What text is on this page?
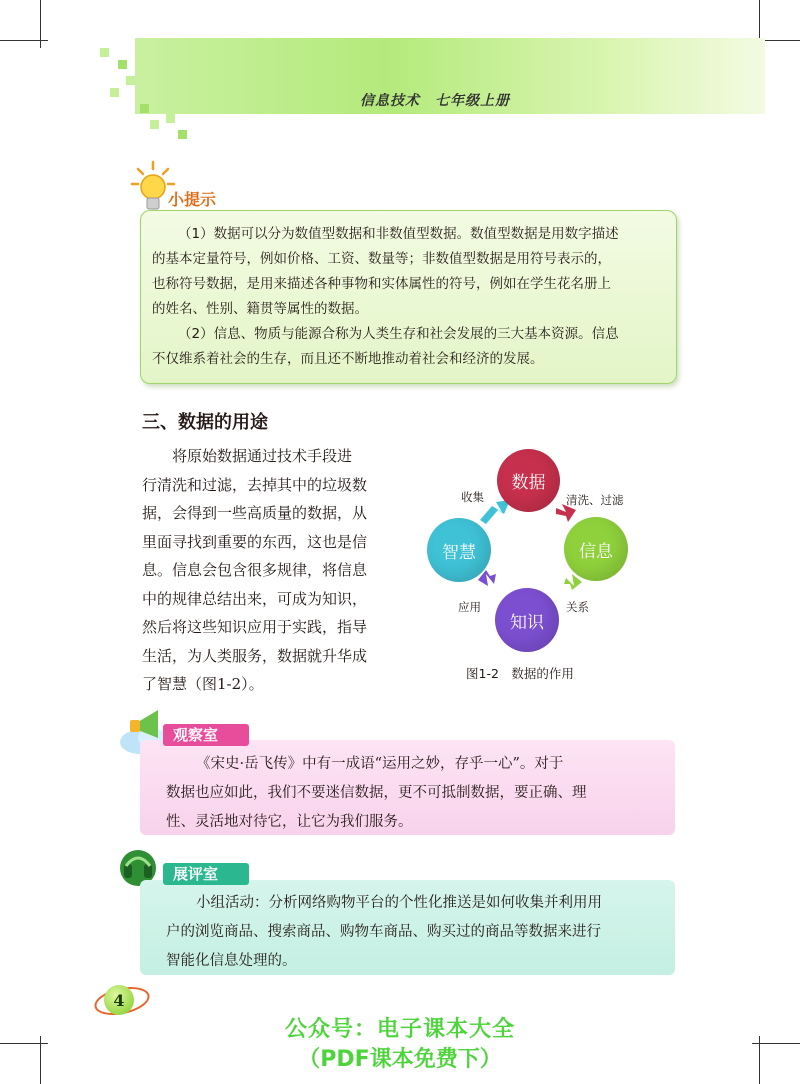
信息技术　七年级上册
小提示
（1）数据可以分为数值型数据和非数值型数据。数值型数据是用数字描述
的基本定量符号，例如价格、工资、数量等；非数值型数据是用符号表示的，
也称符号数据，是用来描述各种事物和实体属性的符号，例如在学生花名册上
的姓名、性别、籍贯等属性的数据。
（2）信息、物质与能源合称为人类生存和社会发展的三大基本资源。信息
不仅维系着社会的生存，而且还不断地推动着社会和经济的发展。
三、数据的用途
将原始数据通过技术手段进
行清洗和过滤，去掉其中的垃圾数
据，会得到一些高质量的数据，从
里面寻找到重要的东西，这也是信
息。信息会包含很多规律，将信息
中的规律总结出来，可成为知识，
然后将这些知识应用于实践，指导
生活，为人类服务，数据就升华成
了智慧（图1-2）。
数据
信息
知识
智慧
收集	清洗、过滤
关系
应用
图1-2　数据的作用
观察室
《宋史·岳飞传》中有一成语“运用之妙，存乎一心”。对于
数据也应如此，我们不要迷信数据，更不可抵制数据，要正确、理
性、灵活地对待它，让它为我们服务。
展评室
小组活动：分析网络购物平台的个性化推送是如何收集并利用用
户的浏览商品、搜索商品、购物车商品、购买过的商品等数据来进行
智能化信息处理的。
4
公众号：电子课本大全
（PDF课本免费下）
